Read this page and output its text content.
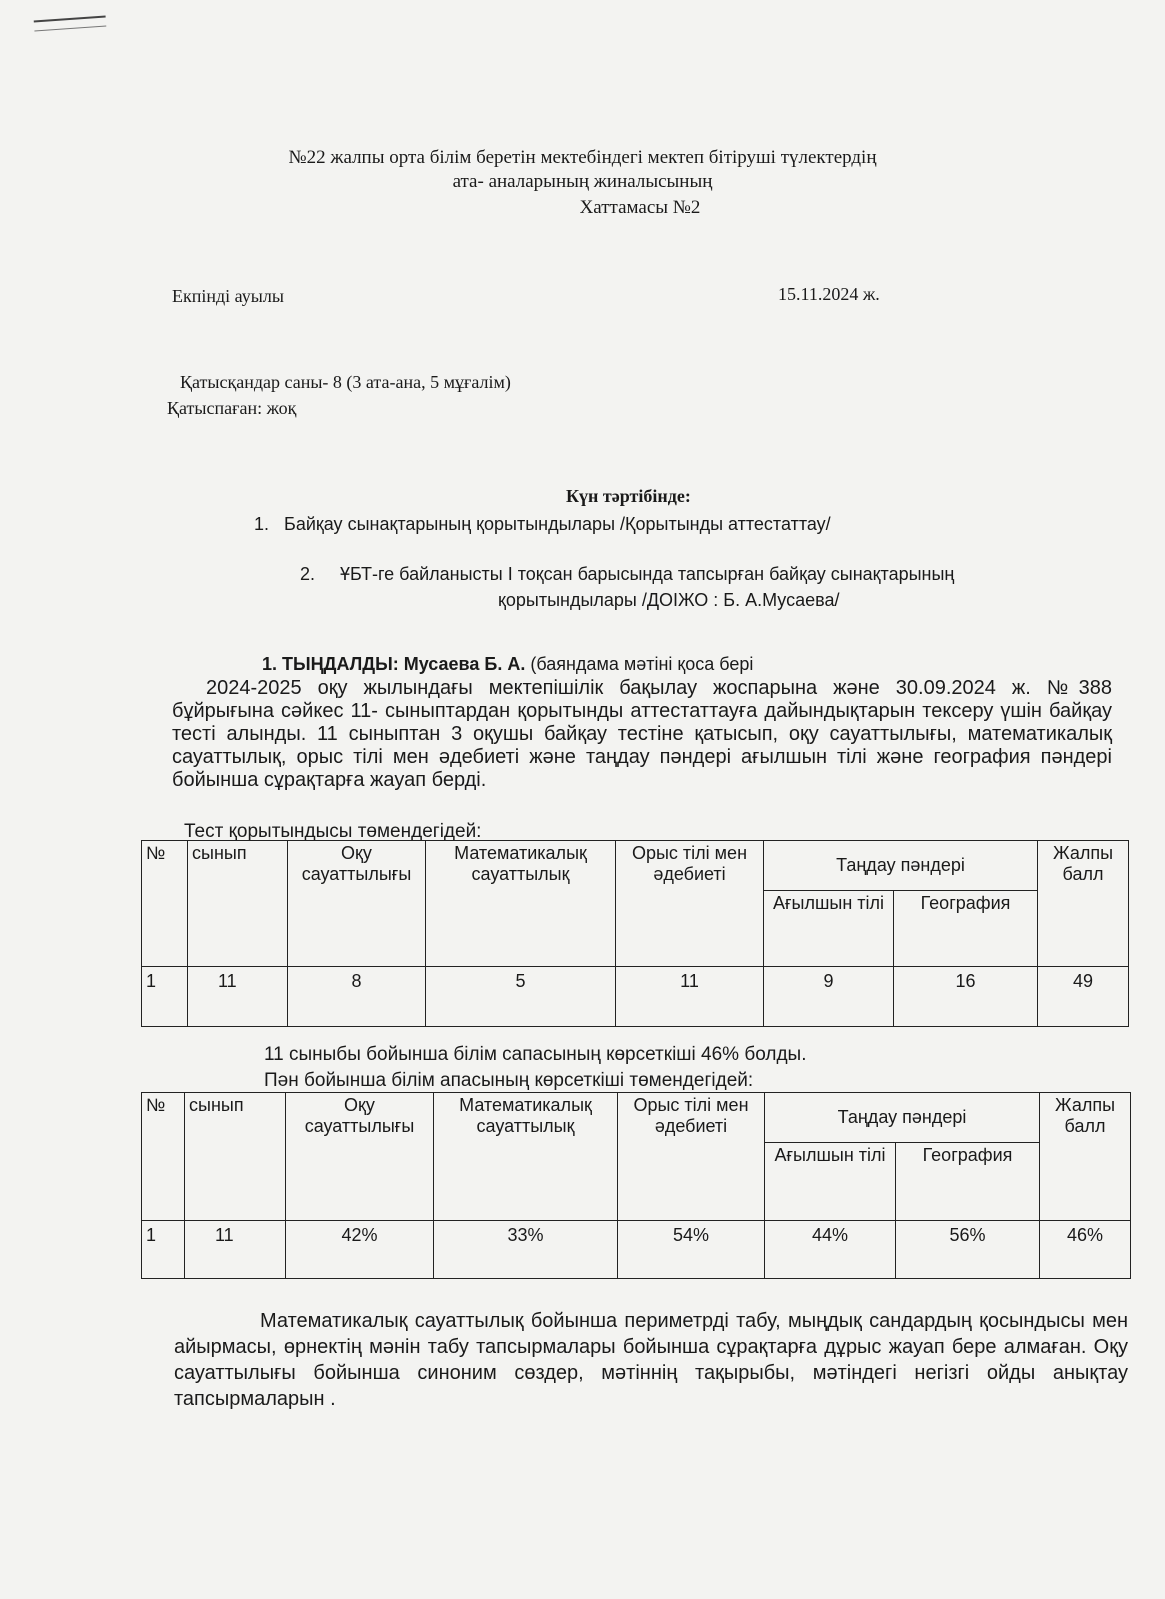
№22 жалпы орта білім беретін мектебіндегі мектеп бітіруші түлектердің
ата- аналарының жиналысының
Хаттамасы №2
Екпінді ауылы	15.11.2024 ж.
Қатысқандар саны- 8 (3 ата-ана, 5 мұғалім)
Қатыспаған: жоқ
Күн тәртібінде:
1. Байқау сынақтарының қорытындылары /Қорытынды аттестаттау/
2. ҰБТ-ге байланысты І тоқсан барысында тапсырған байқау сынақтарының
қорытындылары /ДОІЖО : Б. А.Мусаева/
1. ТЫҢДАЛДЫ: Мусаева Б. А. (баяндама мәтіні қоса бері
2024-2025 оқу жылындағы мектепішілік бақылау жоспарына және 30.09.2024 ж. №388 бұйрығына сәйкес 11- сыныптардан қорытынды аттестаттауға дайындықтарын тексеру үшін байқау тесті алынды. 11 сыныптан 3 оқушы байқау тестіне қатысып, оқу сауаттылығы, математикалық сауаттылық, орыс тілі мен әдебиеті және таңдау пәндері ағылшын тілі және география пәндері бойынша сұрақтарға жауап берді.
Тест қорытындысы төмендегідей:
№	сынып	Оқу сауаттылығы	Математикалық сауаттылық	Орыс тілі мен әдебиеті	Таңдау пәндері		Жалпы балл
					Ағылшын тілі	География	
1	11	8	5	11	9	16	49
11 сыныбы бойынша білім сапасының көрсеткіші 46% болды.
Пән бойынша білім апасының көрсеткіші төмендегідей:
№	сынып	Оқу сауаттылығы	Математикалық сауаттылық	Орыс тілі мен әдебиеті	Таңдау пәндері		Жалпы балл
					Ағылшын тілі	География	
1	11	42%	33%	54%	44%	56%	46%
Математикалық сауаттылық бойынша периметрді табу, мыңдық сандардың қосындысы мен айырмасы, өрнектің мәнін табу тапсырмалары бойынша сұрақтарға дұрыс жауап бере алмаған. Оқу сауаттылығы бойынша синоним сөздер, мәтіннің тақырыбы, мәтіндегі негізгі ойды анықтау тапсырмаларын .
